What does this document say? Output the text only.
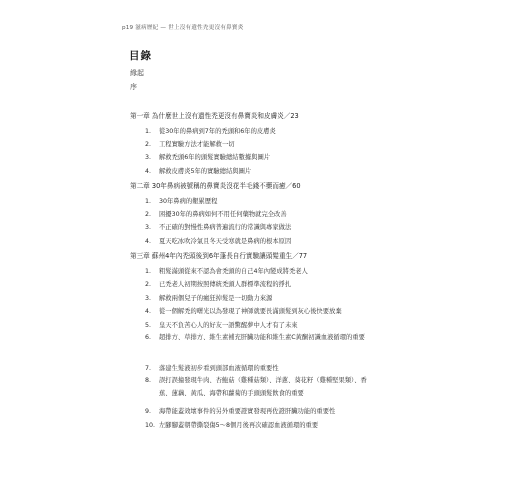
p19 滋病歷紀 — 世上沒有遺性禿更沒有鼻寶炎
目錄
緣起
序
第一章 為什麼世上沒有遺性禿更沒有鼻寶炎和皮膚炎／23
1. 從30年的鼻病到7年的禿頭和6年的皮膚炎
2. 工程實驗方法才能解救一切
3. 解救禿頭6年的頭髮實驗總結數據與圖片
4. 解救皮膚炎5年的實驗總結與圖片
第二章 30年鼻病被號稱的鼻寶炎沒花半毛錢不藥而癒／60
1. 30年鼻病的艱累歷程
2. 困擾30年的鼻病如何不用任何藥物就完全改善
3. 不正確的對慢性鼻病普遍流行的常識與專家做法
4. 夏天吃冰吹冷氣且冬天受寒就是鼻病的根本原因
第三章 蘇州4年內禿頭後到6年蓬長自行實驗讓頭髮重生／77
1. 粗髮滿頭從來不認為會禿頭的自己4年內變成將禿老人
2. 已禿老人初期按照傳統禿頭人群標準流程的掙扎
3. 解救兩個兒子的瘋狂掉髮是一切動力來源
4. 從一個解禿的曙光以為發現了神師就要長滿頭髮到灰心後快要放棄
5. 皇天不負苦心人的好友一語驚醒夢中人才有了未來
6. 超排方、草排方、維生素補充肝臟功能和維生素C黃酮初識血液循環的重要
7. 落建生髮液初步看到頭部血液循環的重要性
8. 誤打誤撞發現牛肉、杏鮑菇（雞種菇類）、洋蔥、葵花籽（雞種堅果類）、香蕉、蓮藕、黃瓜、海帶和蘿蔔的手頭頭髮飲食的重要
9. 海帶能蓋效壞事件的另外重要證實發現再佐證肝臟功能的重要性
10. 左腳腳蓋朝帶撕裂傷5～8個月後再次確認血液循環的重要
